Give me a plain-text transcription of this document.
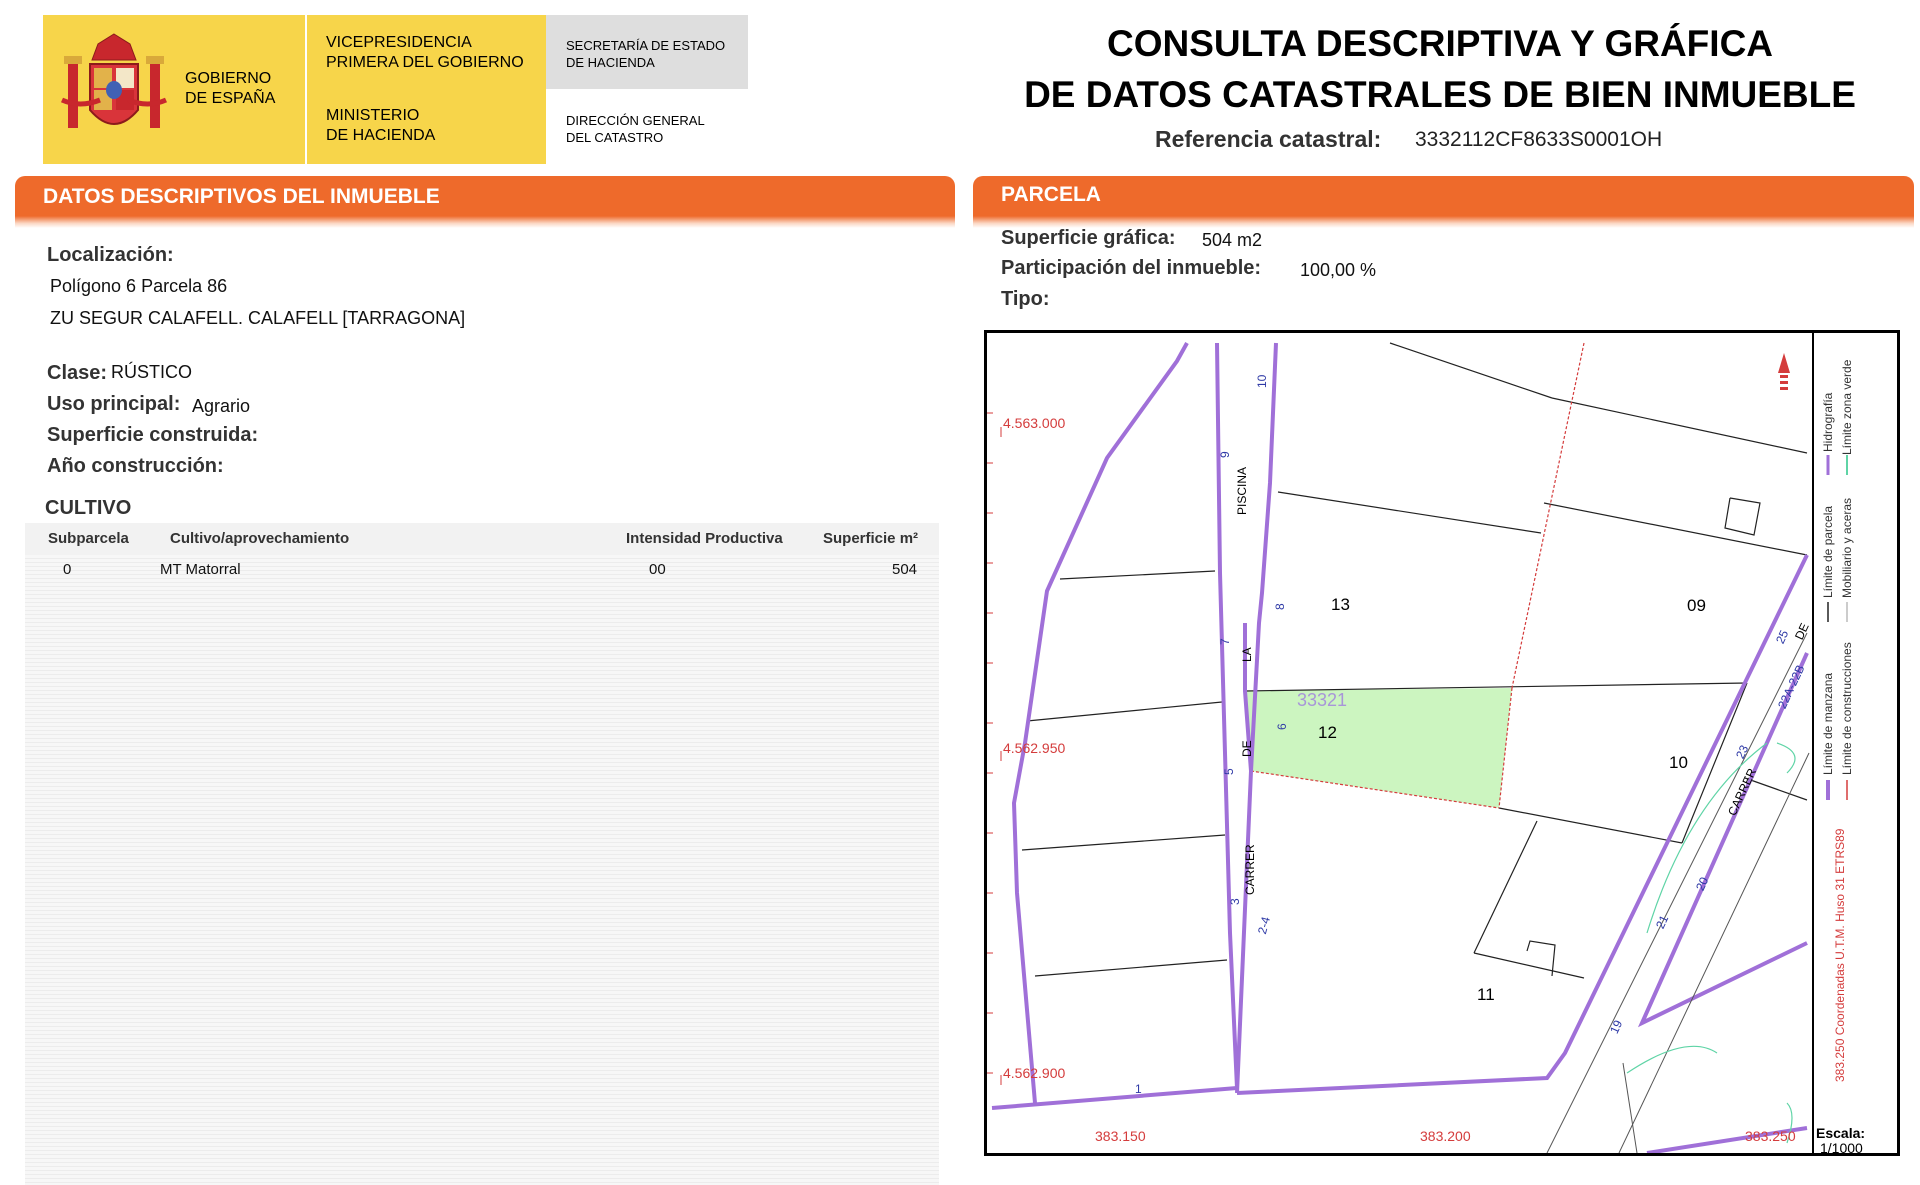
GOBIERNO
DE ESPAÑA
VICEPRESIDENCIA
PRIMERA DEL GOBIERNO
MINISTERIO
DE HACIENDA
SECRETARÍA DE ESTADO
DE HACIENDA
DIRECCIÓN GENERAL
DEL CATASTRO
CONSULTA DESCRIPTIVA Y GRÁFICA
DE DATOS CATASTRALES DE BIEN INMUEBLE
Referencia catastral: 3332112CF8633S0001OH
DATOS DESCRIPTIVOS DEL INMUEBLE
Localización:
Polígono 6 Parcela 86
ZU SEGUR CALAFELL. CALAFELL [TARRAGONA]
Clase: RÚSTICO
Uso principal: Agrario
Superficie construida:
Año construcción:
CULTIVO
Subparcela	Cultivo/aprovechamiento	Intensidad Productiva	Superficie m²
0	MT Matorral	00	504
PARCELA
Superficie gráfica: 504 m2
Participación del inmueble: 100,00 %
Tipo:
4.563.000
4.562.950
4.562.900
383.150	383.200	383.250
13	09
12
10
11
33321
PISCINA
LA
DE
CARRER
CARRER
DE
10
9
8
7
6
5
3
2-4
1
25
22A-22B
23
20
21
19
Hidrografía Límite zona verde
Límite de parcela Mobiliario y aceras
Límite de manzana Límite de construcciones
383.250 Coordenadas U.T.M. Huso 31 ETRS89
Escala:
1/1000
